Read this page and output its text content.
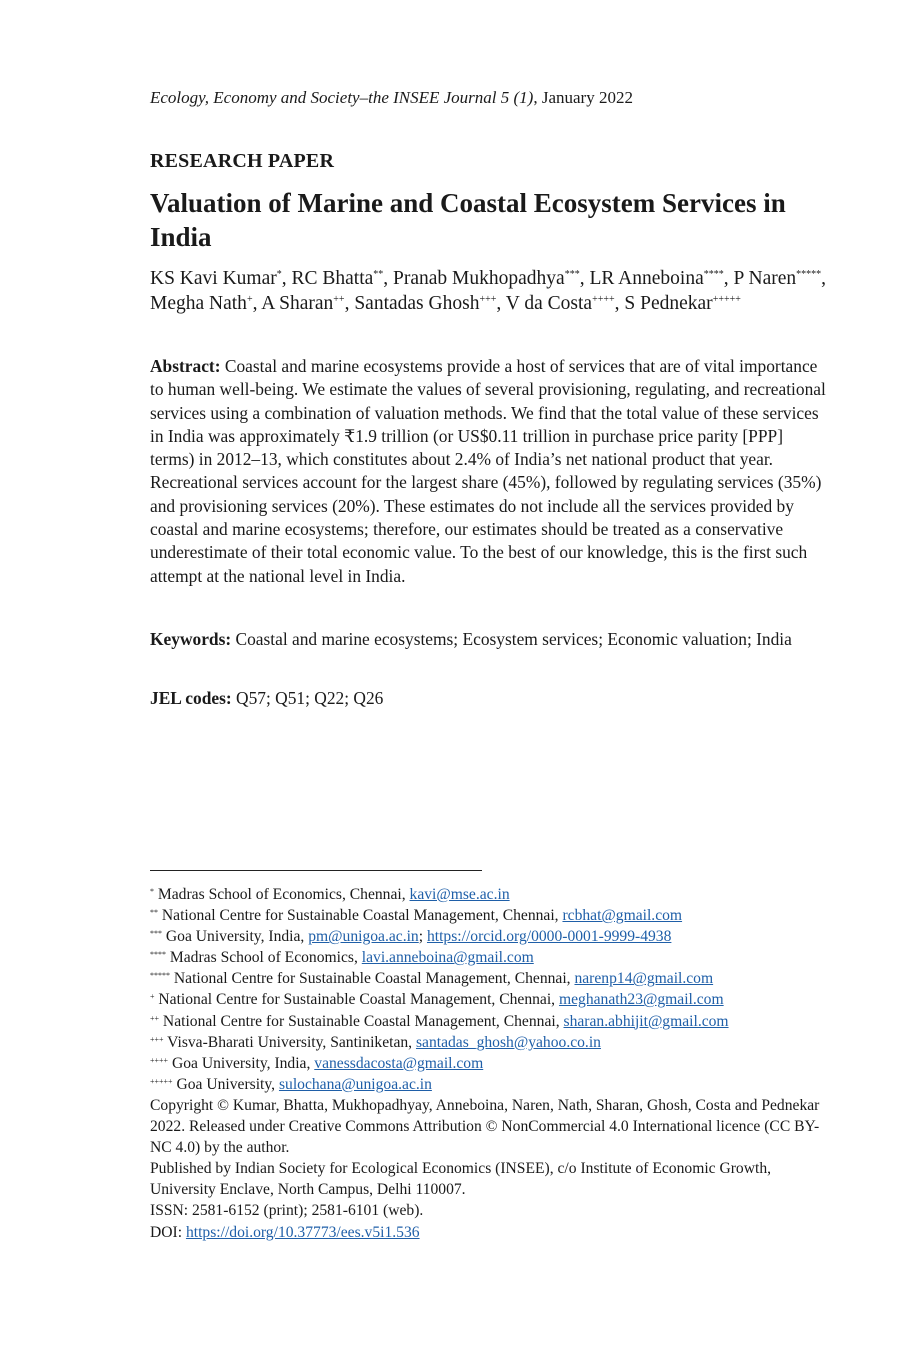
Ecology, Economy and Society–the INSEE Journal 5 (1), January 2022
RESEARCH PAPER
Valuation of Marine and Coastal Ecosystem Services in India
KS Kavi Kumar*, RC Bhatta**, Pranab Mukhopadhya***, LR Anneboina****, P Naren*****, Megha Nath+, A Sharan++, Santadas Ghosh+++, V da Costa++++, S Pednekar+++++
Abstract: Coastal and marine ecosystems provide a host of services that are of vital importance to human well-being. We estimate the values of several provisioning, regulating, and recreational services using a combination of valuation methods. We find that the total value of these services in India was approximately ₹1.9 trillion (or US$0.11 trillion in purchase price parity [PPP] terms) in 2012–13, which constitutes about 2.4% of India’s net national product that year. Recreational services account for the largest share (45%), followed by regulating services (35%) and provisioning services (20%). These estimates do not include all the services provided by coastal and marine ecosystems; therefore, our estimates should be treated as a conservative underestimate of their total economic value. To the best of our knowledge, this is the first such attempt at the national level in India.
Keywords: Coastal and marine ecosystems; Ecosystem services; Economic valuation; India
JEL codes: Q57; Q51; Q22; Q26
* Madras School of Economics, Chennai, kavi@mse.ac.in
** National Centre for Sustainable Coastal Management, Chennai, rcbhat@gmail.com
*** Goa University, India, pm@unigoa.ac.in; https://orcid.org/0000-0001-9999-4938
**** Madras School of Economics, lavi.anneboina@gmail.com
***** National Centre for Sustainable Coastal Management, Chennai, narenp14@gmail.com
+ National Centre for Sustainable Coastal Management, Chennai, meghanath23@gmail.com
++ National Centre for Sustainable Coastal Management, Chennai, sharan.abhijit@gmail.com
+++ Visva-Bharati University, Santiniketan, santadas_ghosh@yahoo.co.in
++++ Goa University, India, vanessdacosta@gmail.com
+++++ Goa University, sulochana@unigoa.ac.in
Copyright © Kumar, Bhatta, Mukhopadhyay, Anneboina, Naren, Nath, Sharan, Ghosh, Costa and Pednekar 2022. Released under Creative Commons Attribution © NonCommercial 4.0 International licence (CC BY-NC 4.0) by the author.
Published by Indian Society for Ecological Economics (INSEE), c/o Institute of Economic Growth, University Enclave, North Campus, Delhi 110007.
ISSN: 2581-6152 (print); 2581-6101 (web).
DOI: https://doi.org/10.37773/ees.v5i1.536
